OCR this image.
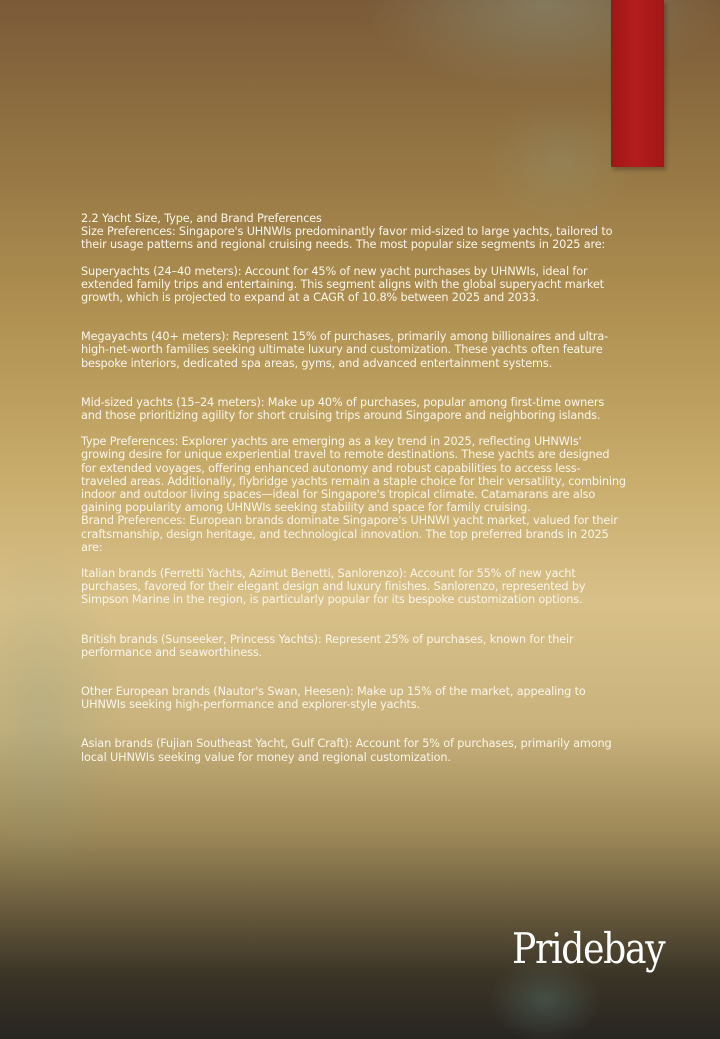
2.2 Yacht Size, Type, and Brand Preferences

Size Preferences: Singapore's UHNWIs predominantly favor mid-sized to large yachts, tailored to their usage patterns and regional cruising needs. The most popular size segments in 2025 are:

Superyachts (24–40 meters): Account for 45% of new yacht purchases by UHNWIs, ideal for extended family trips and entertaining. This segment aligns with the global superyacht market growth, which is projected to expand at a CAGR of 10.8% between 2025 and 2033.

Megayachts (40+ meters): Represent 15% of purchases, primarily among billionaires and ultra-high-net-worth families seeking ultimate luxury and customization. These yachts often feature bespoke interiors, dedicated spa areas, gyms, and advanced entertainment systems.

Mid-sized yachts (15–24 meters): Make up 40% of purchases, popular among first-time owners and those prioritizing agility for short cruising trips around Singapore and neighboring islands.

Type Preferences: Explorer yachts are emerging as a key trend in 2025, reflecting UHNWIs' growing desire for unique experiential travel to remote destinations. These yachts are designed for extended voyages, offering enhanced autonomy and robust capabilities to access less-traveled areas. Additionally, flybridge yachts remain a staple choice for their versatility, combining indoor and outdoor living spaces—ideal for Singapore's tropical climate. Catamarans are also gaining popularity among UHNWIs seeking stability and space for family cruising.

Brand Preferences: European brands dominate Singapore's UHNWI yacht market, valued for their craftsmanship, design heritage, and technological innovation. The top preferred brands in 2025 are:

Italian brands (Ferretti Yachts, Azimut Benetti, Sanlorenzo): Account for 55% of new yacht purchases, favored for their elegant design and luxury finishes. Sanlorenzo, represented by Simpson Marine in the region, is particularly popular for its bespoke customization options.

British brands (Sunseeker, Princess Yachts): Represent 25% of purchases, known for their performance and seaworthiness.

Other European brands (Nautor's Swan, Heesen): Make up 15% of the market, appealing to UHNWIs seeking high-performance and explorer-style yachts.

Asian brands (Fujian Southeast Yacht, Gulf Craft): Account for 5% of purchases, primarily among local UHNWIs seeking value for money and regional customization.

Pridebay
